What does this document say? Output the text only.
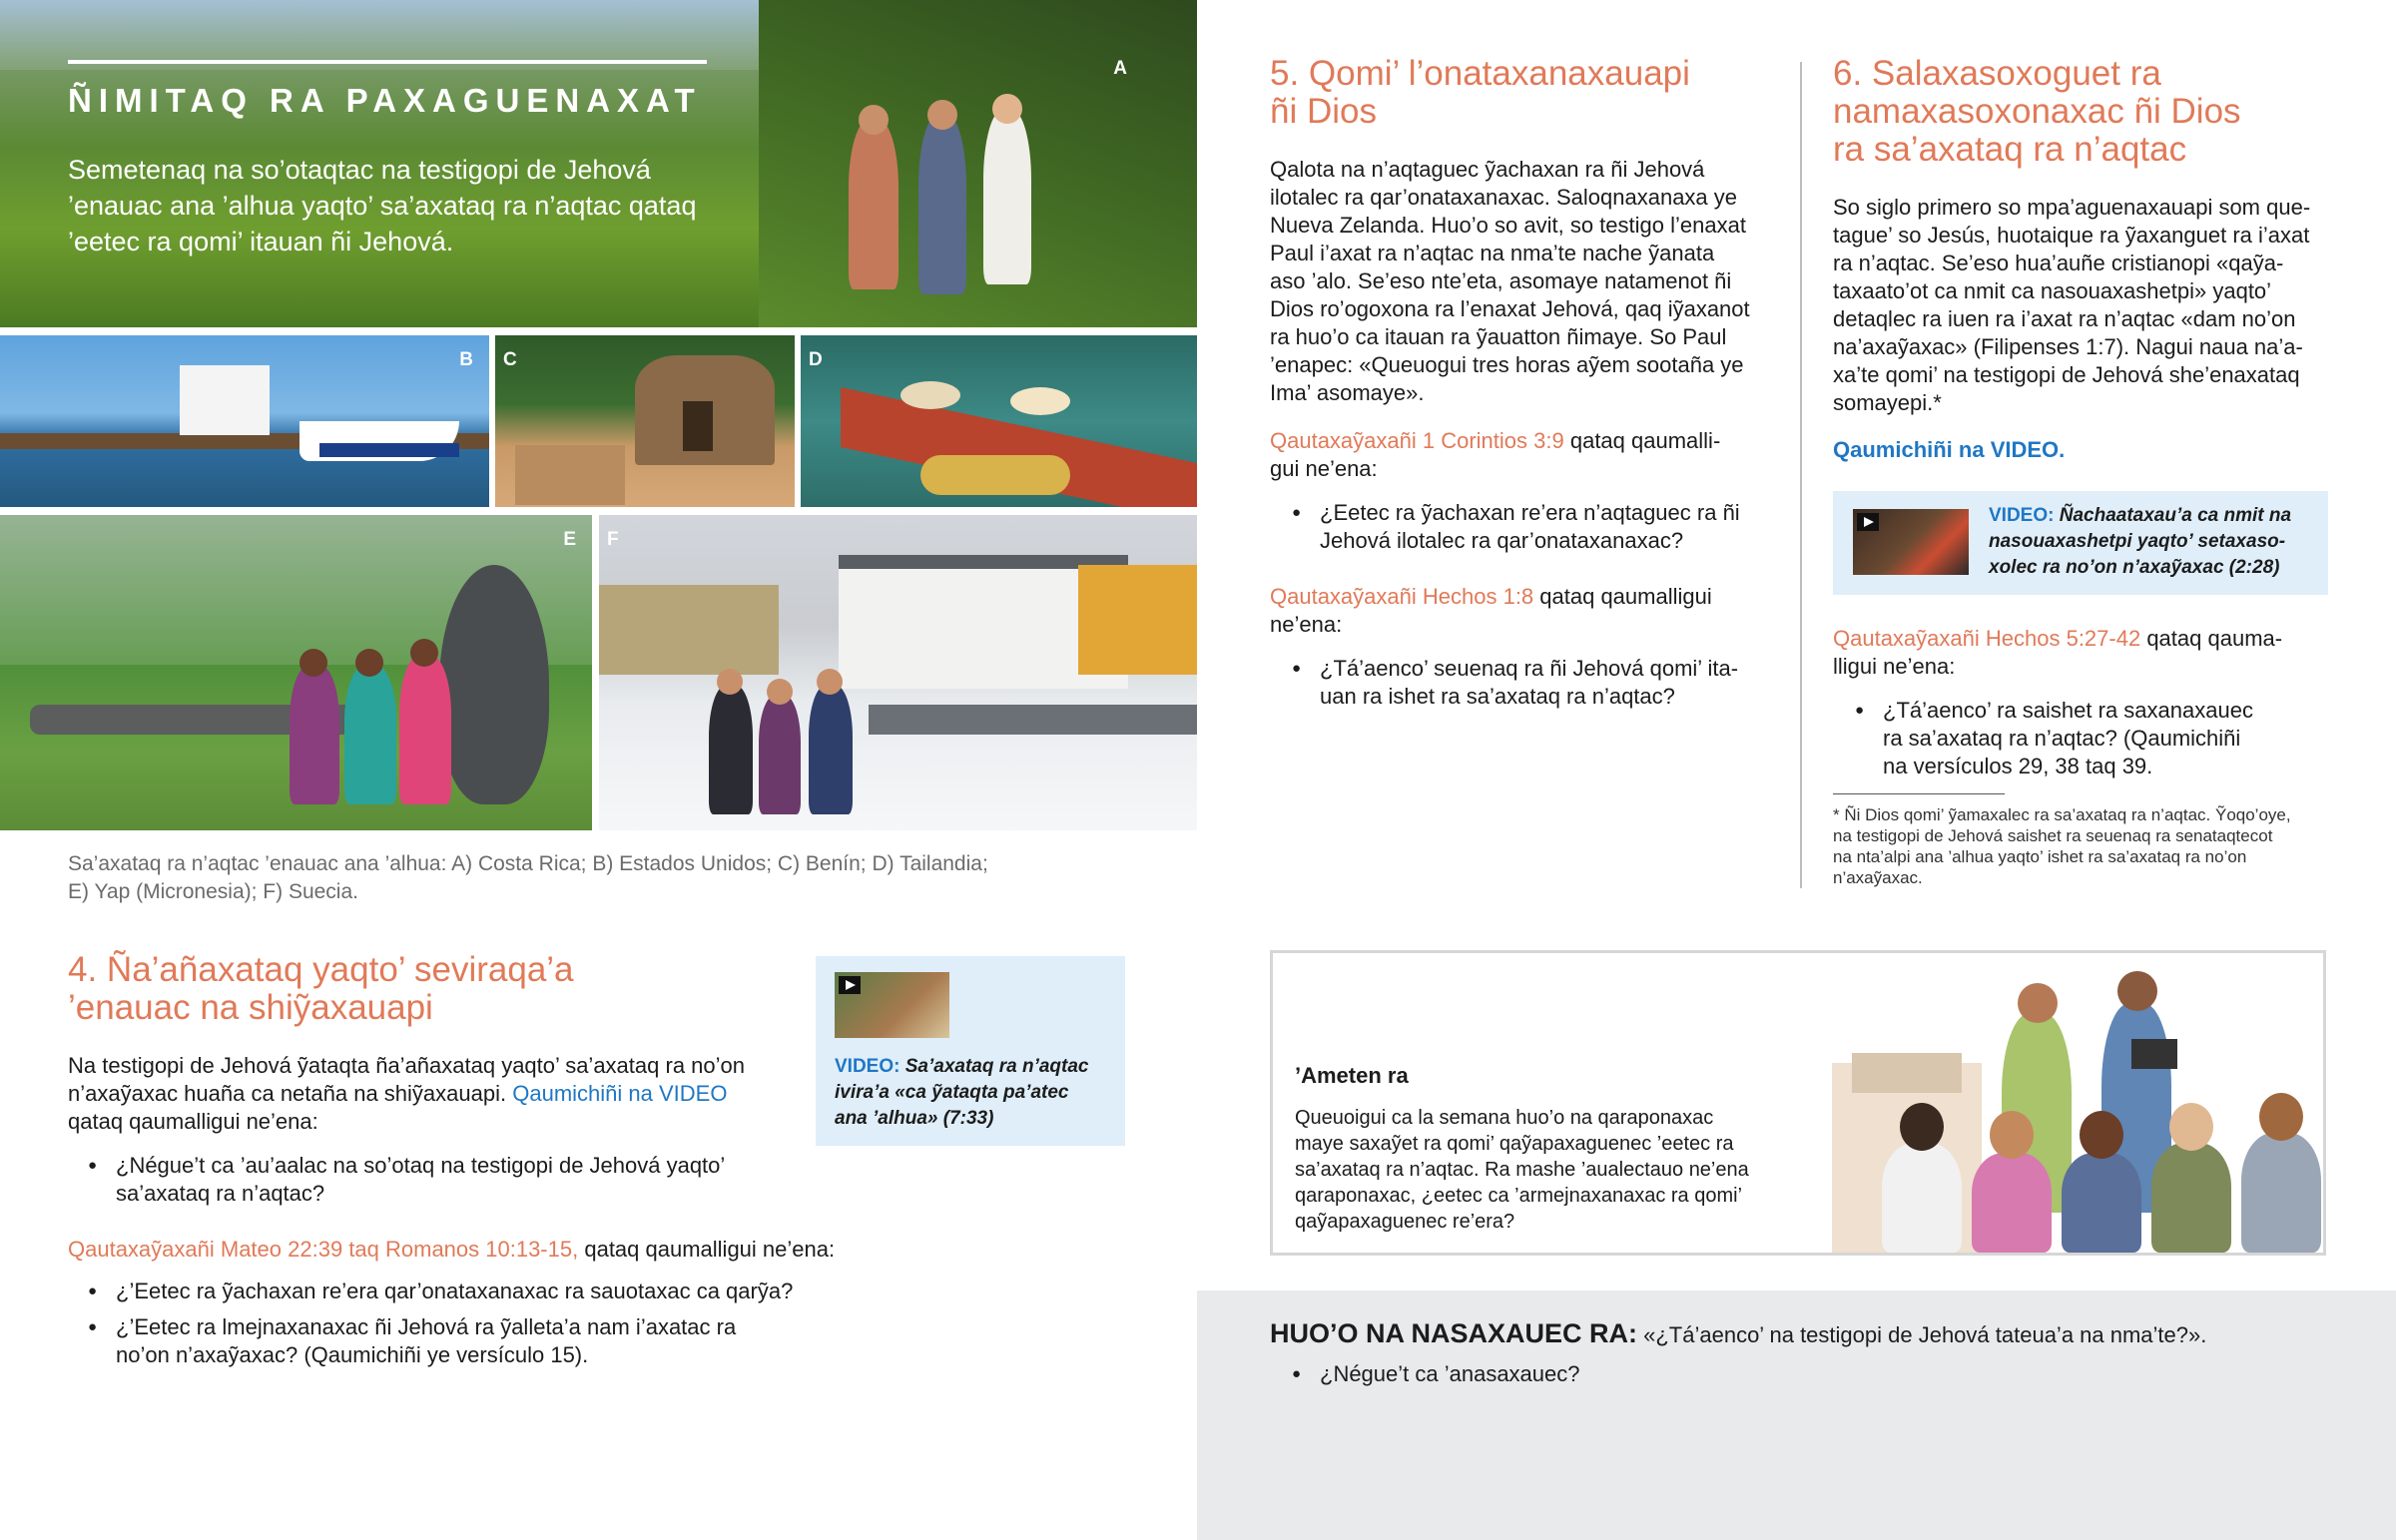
A
ÑIMITAQ RA PAXAGUENAXAT
Semetenaq na so’otaqtac na testigopi de Jehová ’enauac ana ’alhua yaqto’ sa’axataq ra n’aqtac qataq ’eetec ra qomi’ itauan ñi Jehová.
B C	D
E F
Sa’axataq ra n’aqtac ’enauac ana ’alhua: A) Costa Rica; B) Estados Unidos; C) Benín; D) Tailandia;
E) Yap (Micronesia); F) Suecia.
4. Ña’añaxataq yaqto’ seviraqa’a
’enauac na shiỹaxauapi
VIDEO: Sa’axataq ra n’aqtac
ivira’a «ca ỹataqta pa’atec
ana ’alhua» (7:33)

Na testigopi de Jehová ỹataqta ña’añaxataq yaqto’ sa’axataq ra no’on
n’axaỹaxac huaña ca netaña na shiỹaxauapi. Qaumichiñi na VIDEO
qataq qaumalligui ne’ena:

● ¿Négue’t ca ’au’aalac na so’otaq na testigopi de Jehová yaqto’
sa’axataq ra n’aqtac?

Qautaxaỹaxañi Mateo 22:39 taq Romanos 10:13-15, qataq qaumalligui ne’ena:

● ¿’Eetec ra ỹachaxan re’era qar’onataxanaxac ra sauotaxac ca qarỹa?
● ¿’Eetec ra lmejnaxanaxac ñi Jehová ra ỹalleta’a nam i’axatac ra
no’on n’axaỹaxac? (Qaumichiñi ye versículo 15).
5. Qomi’ l’onataxanaxauapi
ñi Dios

Qalota na n’aqtaguec ỹachaxan ra ñi Jehová
ilotalec ra qar’onataxanaxac. Saloqnaxanaxa ye
Nueva Zelanda. Huo’o so avit, so testigo l’enaxat
Paul i’axat ra n’aqtac na nma’te nache ỹanata
aso ’alo. Se’eso nte’eta, asomaye natamenot ñi
Dios ro’ogoxona ra l’enaxat Jehová, qaq iỹaxanot
ra huo’o ca itauan ra ỹauatton ñimaye. So Paul
’enapec: «Queuogui tres horas aỹem sootaña ye
Ima’ asomaye».

Qautaxaỹaxañi 1 Corintios 3:9 qataq qaumalli-
gui ne’ena:

● ¿Eetec ra ỹachaxan re’era n’aqtaguec ra ñi
Jehová ilotalec ra qar’onataxanaxac?

Qautaxaỹaxañi Hechos 1:8 qataq qaumalligui
ne’ena:

● ¿Tá’aenco’ seuenaq ra ñi Jehová qomi’ ita-
uan ra ishet ra sa’axataq ra n’aqtac?
6. Salaxasoxoguet ra
namaxasoxonaxac ñi Dios
ra sa’axataq ra n’aqtac

So siglo primero so mpa’aguenaxauapi som que-
tague’ so Jesús, huotaique ra ỹaxanguet ra i’axat
ra n’aqtac. Se’eso hua’auñe cristianopi «qaỹa-
taxaato’ot ca nmit ca nasouaxashetpi» yaqto’
detaqlec ra iuen ra i’axat ra n’aqtac «dam no’on
na’axaỹaxac» (Filipenses 1:7). Nagui naua na’a-
xa’te qomi’ na testigopi de Jehová she’enaxataq
somayepi.*

Qaumichiñi na VIDEO.
VIDEO: Ñachaataxau’a ca nmit na
nasouaxashetpi yaqto’ setaxaso-
xolec ra no’on n’axaỹaxac (2:28)

Qautaxaỹaxañi Hechos 5:27-42 qataq qauma-
lligui ne’ena:

● ¿Tá’aenco’ ra saishet ra saxanaxauec
ra sa’axataq ra n’aqtac? (Qaumichiñi
na versículos 29, 38 taq 39.
* Ñi Dios qomi’ ỹamaxalec ra sa’axataq ra n’aqtac. Ỹoqo’oye,
na testigopi de Jehová saishet ra seuenaq ra senataqtecot
na nta’alpi ana ’alhua yaqto’ ishet ra sa’axataq ra no’on
n’axaỹaxac.
’Ameten ra
Queuoigui ca la semana huo’o na qaraponaxac
maye saxaỹet ra qomi’ qaỹapaxaguenec ’eetec ra
sa’axataq ra n’aqtac. Ra mashe ’aualectauo ne’ena
qaraponaxac, ¿eetec ca ’armejnaxanaxac ra qomi’
qaỹapaxaguenec re’era?
HUO’O NA NASAXAUEC RA: «¿Tá’aenco’ na testigopi de Jehová tateua’a na nma’te?».
● ¿Négue’t ca ’anasaxauec?
